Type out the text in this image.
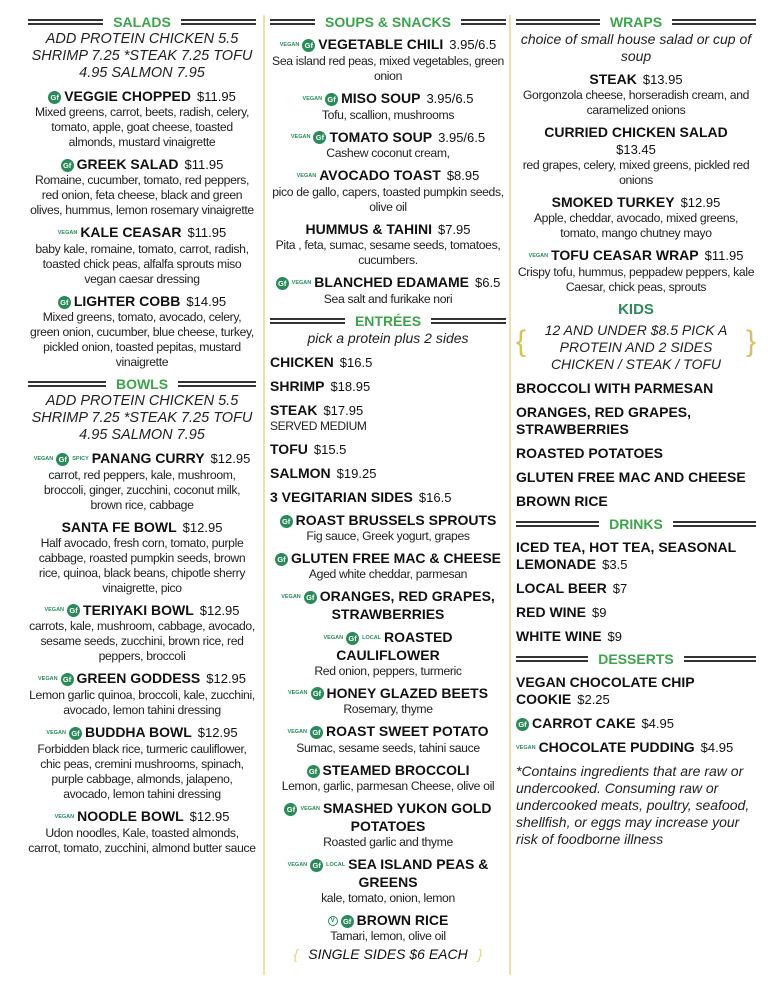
SALADS
ADD PROTEIN CHICKEN 5.5 SHRIMP 7.25 *STEAK 7.25 TOFU 4.95 SALMON 7.95
Gf VEGGIE CHOPPED $11.95
Mixed greens, carrot, beets, radish, celery, tomato, apple, goat cheese, toasted almonds, mustard vinaigrette
Gf GREEK SALAD $11.95
Romaine, cucumber, tomato, red peppers, red onion, feta cheese, black and green olives, hummus, lemon rosemary vinaigrette
VEGAN KALE CEASAR $11.95
baby kale, romaine, tomato, carrot, radish, toasted chick peas, alfalfa sprouts miso vegan caesar dressing
Gf LIGHTER COBB $14.95
Mixed greens, tomato, avocado, celery, green onion, cucumber, blue cheese, turkey, pickled onion, toasted pepitas, mustard vinaigrette
BOWLS
ADD PROTEIN CHICKEN 5.5 SHRIMP 7.25 *STEAK 7.25 TOFU 4.95 SALMON 7.95
VEGAN Gf SPICY PANANG CURRY $12.95
carrot, red peppers, kale, mushroom, broccoli, ginger, zucchini, coconut milk, brown rice, cabbage
SANTA FE BOWL $12.95
Half avocado, fresh corn, tomato, purple cabbage, roasted pumpkin seeds, brown rice, quinoa, black beans, chipotle sherry vinaigrette, pico
VEGAN Gf TERIYAKI BOWL $12.95
carrots, kale, mushroom, cabbage, avocado, sesame seeds, zucchini, brown rice, red peppers, broccoli
VEGAN Gf GREEN GODDESS $12.95
Lemon garlic quinoa, broccoli, kale, zucchini, avocado, lemon tahini dressing
VEGAN Gf BUDDHA BOWL $12.95
Forbidden black rice, turmeric cauliflower, chic peas, cremini mushrooms, spinach, purple cabbage, almonds, jalapeno, avocado, lemon tahini dressing
VEGAN NOODLE BOWL $12.95
Udon noodles, Kale, toasted almonds, carrot, tomato, zucchini, almond butter sauce
SOUPS & SNACKS
VEGAN Gf VEGETABLE CHILI 3.95/6.5
Sea island red peas, mixed vegetables, green onion
VEGAN Gf MISO SOUP 3.95/6.5
Tofu, scallion, mushrooms
VEGAN Gf TOMATO SOUP 3.95/6.5
Cashew coconut cream,
VEGAN AVOCADO TOAST $8.95
pico de gallo, capers, toasted pumpkin seeds, olive oil
HUMMUS & TAHINI $7.95
Pita , feta, sumac, sesame seeds, tomatoes, cucumbers.
Gf VEGAN BLANCHED EDAMAME $6.5
Sea salt and furikake nori
ENTRÉES
pick a protein plus 2 sides
CHICKEN $16.5
SHRIMP $18.95
STEAK $17.95
SERVED MEDIUM
TOFU $15.5
SALMON $19.25
3 VEGITARIAN SIDES $16.5
Gf ROAST BRUSSELS SPROUTS
Fig sauce, Greek yogurt, grapes
Gf GLUTEN FREE MAC & CHEESE
Aged white cheddar, parmesan
VEGAN Gf ORANGES, RED GRAPES, STRAWBERRIES
VEGAN Gf LOCAL ROASTED CAULIFLOWER
Red onion, peppers, turmeric
VEGAN Gf HONEY GLAZED BEETS
Rosemary, thyme
VEGAN Gf ROAST SWEET POTATO
Sumac, sesame seeds, tahini sauce
Gf STEAMED BROCCOLI
Lemon, garlic, parmesan Cheese, olive oil
Gf VEGAN SMASHED YUKON GOLD POTATOES
Roasted garlic and thyme
VEGAN Gf LOCAL SEA ISLAND PEAS & GREENS
kale, tomato, onion, lemon
V Gf BROWN RICE
Tamari, lemon, olive oil
{ SINGLE SIDES $6 EACH }
WRAPS
choice of small house salad or cup of soup
STEAK $13.95
Gorgonzola cheese, horseradish cream, and caramelized onions
CURRIED CHICKEN SALAD
$13.45
red grapes, celery, mixed greens, pickled red onions
SMOKED TURKEY $12.95
Apple, cheddar, avocado, mixed greens, tomato, mango chutney mayo
VEGAN TOFU CEASAR WRAP $11.95
Crispy tofu, hummus, peppadew peppers, kale Caesar, chick peas, sprouts
KIDS
{	12 AND UNDER $8.5 PICK A PROTEIN AND 2 SIDES CHICKEN / STEAK / TOFU
}
BROCCOLI WITH PARMESAN
ORANGES, RED GRAPES, STRAWBERRIES
ROASTED POTATOES
GLUTEN FREE MAC AND CHEESE
BROWN RICE
DRINKS
ICED TEA, HOT TEA, SEASONAL LEMONADE $3.5
LOCAL BEER $7
RED WINE $9
WHITE WINE $9
DESSERTS
VEGAN CHOCOLATE CHIP COOKIE $2.25
Gf CARROT CAKE $4.95
VEGAN CHOCOLATE PUDDING $4.95
*Contains ingredients that are raw or undercooked. Consuming raw or undercooked meats, poultry, seafood, shellfish, or eggs may increase your risk of foodborne illness
